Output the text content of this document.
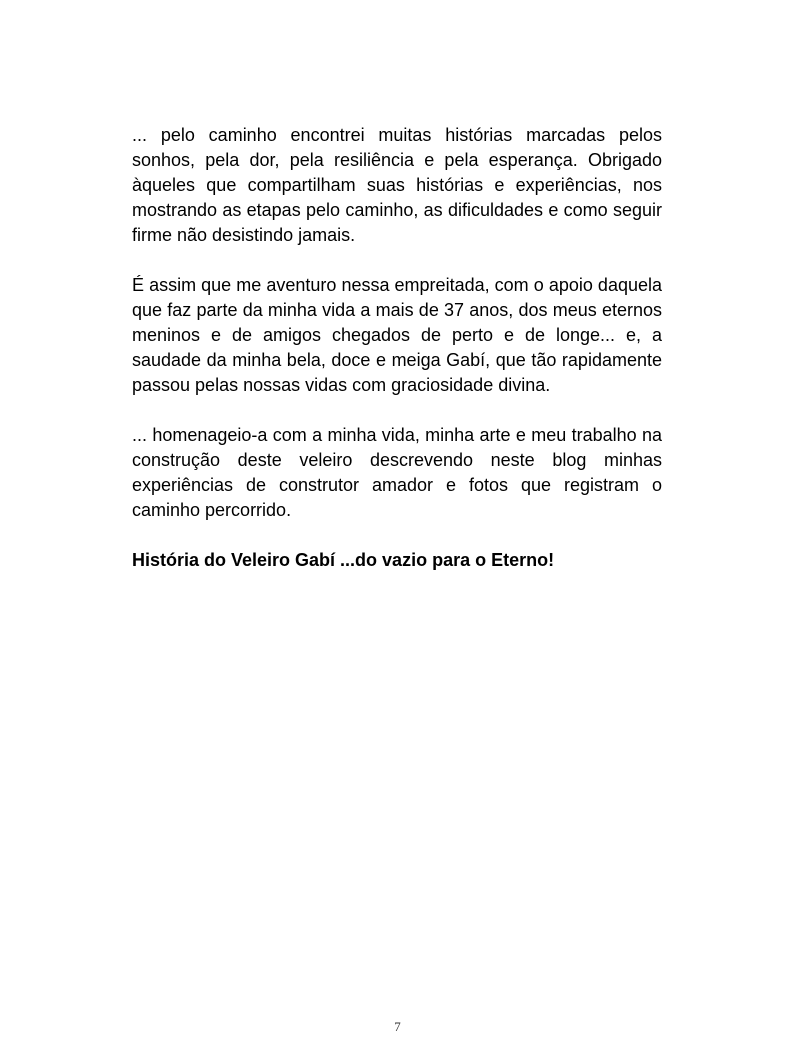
... pelo caminho encontrei muitas histórias marcadas pelos sonhos, pela dor, pela resiliência e pela esperança. Obrigado àqueles que compartilham suas histórias e experiências, nos mostrando as etapas pelo caminho, as dificuldades e como seguir firme não desistindo jamais.

É assim que me aventuro nessa empreitada, com o apoio daquela que faz parte da minha vida a mais de 37 anos, dos meus eternos meninos e de amigos chegados de perto e de longe... e, a saudade da minha bela, doce e meiga Gabí, que tão rapidamente passou pelas nossas vidas com graciosidade divina.

... homenageio-a com a minha vida, minha arte e meu trabalho na construção deste veleiro descrevendo neste blog minhas experiências de construtor amador e fotos que registram o caminho percorrido.

História do Veleiro Gabí ...do vazio para o Eterno!

7
